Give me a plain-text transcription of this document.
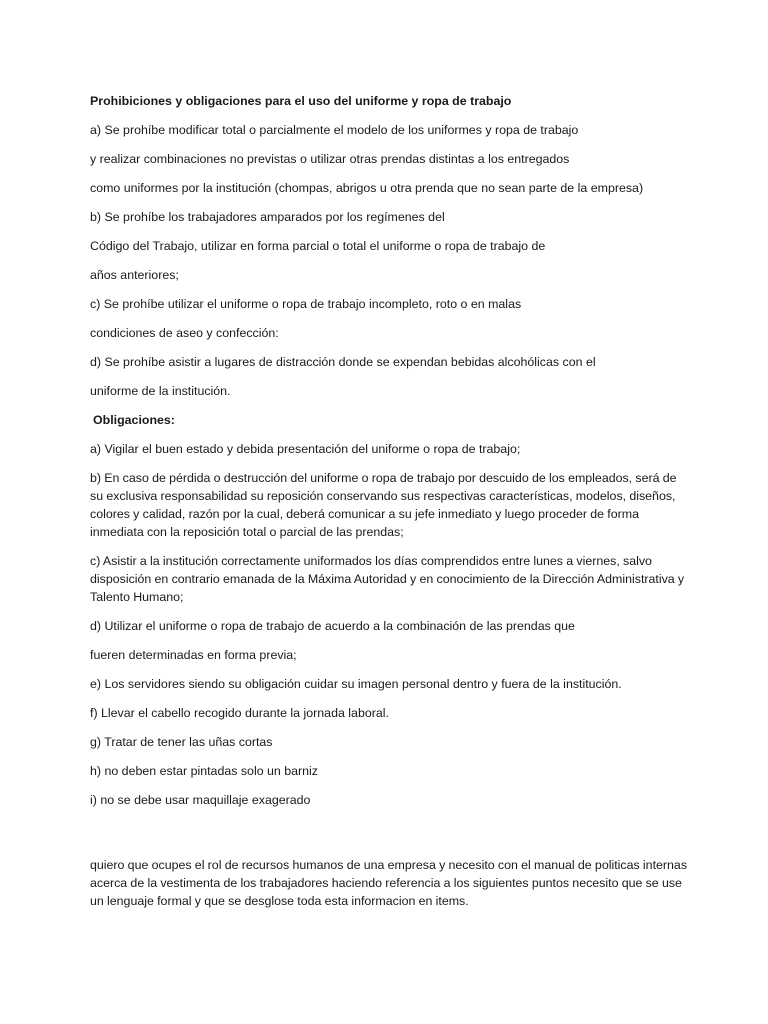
Prohibiciones y obligaciones para el uso del uniforme y ropa de trabajo

a) Se prohíbe modificar total o parcialmente el modelo de los uniformes y ropa de trabajo

y realizar combinaciones no previstas o utilizar otras prendas distintas a los entregados

como uniformes por la institución (chompas, abrigos u otra prenda que no sean parte de la empresa)

b) Se prohíbe los trabajadores amparados por los regímenes del

Código del Trabajo, utilizar en forma parcial o total el uniforme o ropa de trabajo de

años anteriores;

c) Se prohíbe utilizar el uniforme o ropa de trabajo incompleto, roto o en malas

condiciones de aseo y confección:

d) Se prohíbe asistir a lugares de distracción donde se expendan bebidas alcohólicas con el

uniforme de la institución.

Obligaciones:

a) Vigilar el buen estado y debida presentación del uniforme o ropa de trabajo;

b) En caso de pérdida o destrucción del uniforme o ropa de trabajo por descuido de los empleados, será de su exclusiva responsabilidad su reposición conservando sus respectivas características, modelos, diseños, colores y calidad, razón por la cual, deberá comunicar a su jefe inmediato y luego proceder de forma inmediata con la reposición total o parcial de las prendas;

c) Asistir a la institución correctamente uniformados los días comprendidos entre lunes a viernes, salvo disposición en contrario emanada de la Máxima Autoridad y en conocimiento de la Dirección Administrativa y Talento Humano;

d) Utilizar el uniforme o ropa de trabajo de acuerdo a la combinación de las prendas que

fueren determinadas en forma previa;

e) Los servidores siendo su obligación cuidar su imagen personal dentro y fuera de la institución.

f) Llevar el cabello recogido durante la jornada laboral.

g) Tratar de tener las uñas cortas

h) no deben estar pintadas solo un barniz

i) no se debe usar maquillaje exagerado

quiero que ocupes el rol de recursos humanos de una empresa y necesito con el manual de politicas internas acerca de la vestimenta de los trabajadores haciendo referencia a los siguientes puntos necesito que se use un lenguaje formal y que se desglose toda esta informacion en items.
